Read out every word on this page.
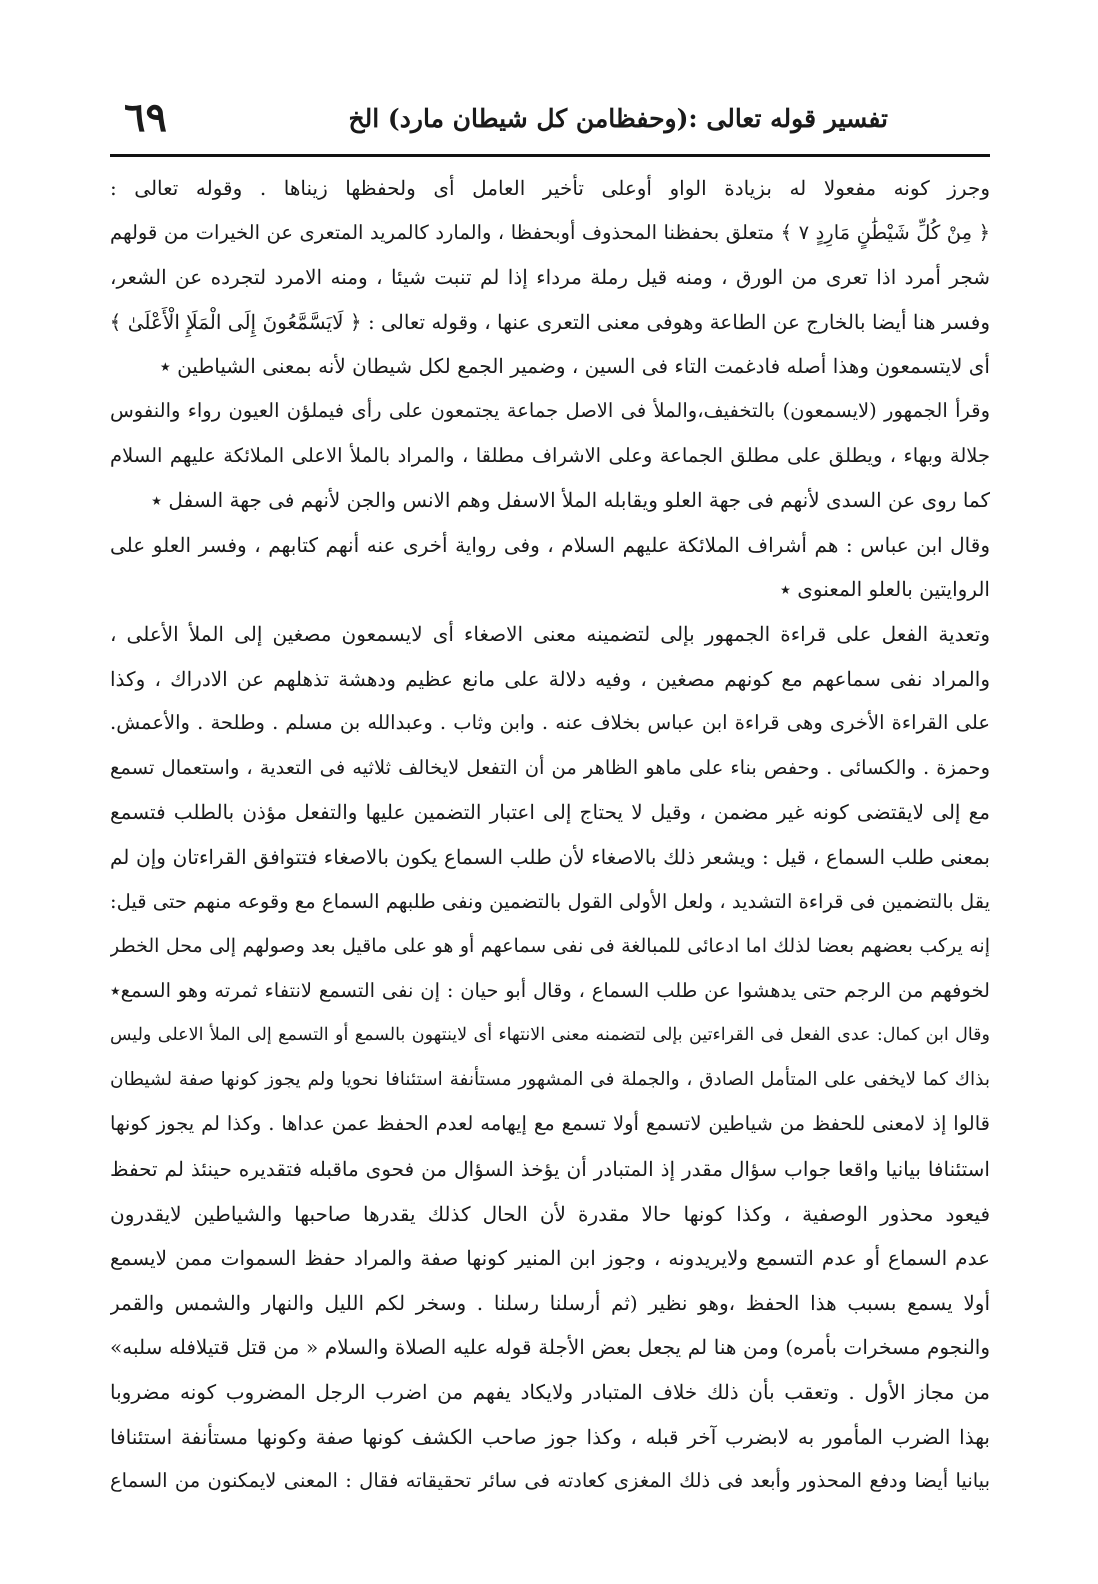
تفسير قوله تعالى :(وحفظامن كل شيطان مارد) الخ
٦٩
وجرز كونه مفعولا له بزيادة الواو أوعلى تأخير العامل أى ولحفظها زيناها . وقوله تعالى :
﴿ مِنْ كُلِّ شَيْطَٰنٍ مَارِدٍ ٧ ﴾ متعلق بحفظنا المحذوف أوبحفظا ، والمارد كالمريد المتعرى عن الخيرات من قولهم
شجر أمرد اذا تعرى من الورق ، ومنه قيل رملة مرداء إذا لم تنبت شيئا ، ومنه الامرد لتجرده عن الشعر،
وفسر هنا أيضا بالخارج عن الطاعة وهوفى معنى التعرى عنها ، وقوله تعالى : ﴿ لَايَسَّمَّعُونَ إِلَى الْمَلَإِ الْأَعْلَىٰ ﴾
أى لايتسمعون وهذا أصله فادغمت التاء فى السين ، وضمير الجمع لكل شيطان لأنه بمعنى الشياطين ٭
وقرأ الجمهور (لايسمعون) بالتخفيف،والملأ فى الاصل جماعة يجتمعون على رأى فيملؤن العيون رواء والنفوس
جلالة وبهاء ، ويطلق على مطلق الجماعة وعلى الاشراف مطلقا ، والمراد بالملأ الاعلى الملائكة عليهم السلام
كما روى عن السدى لأنهم فى جهة العلو ويقابله الملأ الاسفل وهم الانس والجن لأنهم فى جهة السفل ٭
وقال ابن عباس : هم أشراف الملائكة عليهم السلام ، وفى رواية أخرى عنه أنهم كتابهم ، وفسر العلو على
الروايتين بالعلو المعنوى ٭
وتعدية الفعل على قراءة الجمهور بإلى لتضمينه معنى الاصغاء أى لايسمعون مصغين إلى الملأ الأعلى ،
والمراد نفى سماعهم مع كونهم مصغين ، وفيه دلالة على مانع عظيم ودهشة تذهلهم عن الادراك ، وكذا
على القراءة الأخرى وهى قراءة ابن عباس بخلاف عنه . وابن وثاب . وعبدالله بن مسلم . وطلحة . والأعمش.
وحمزة . والكسائى . وحفص بناء على ماهو الظاهر من أن التفعل لايخالف ثلاثيه فى التعدية ، واستعمال تسمع
مع إلى لايقتضى كونه غير مضمن ، وقيل لا يحتاج إلى اعتبار التضمين عليها والتفعل مؤذن بالطلب فتسمع
بمعنى طلب السماع ، قيل : ويشعر ذلك بالاصغاء لأن طلب السماع يكون بالاصغاء فتتوافق القراءتان وإن لم
يقل بالتضمين فى قراءة التشديد ، ولعل الأولى القول بالتضمين ونفى طلبهم السماع مع وقوعه منهم حتى قيل:
إنه يركب بعضهم بعضا لذلك اما ادعائى للمبالغة فى نفى سماعهم أو هو على ماقيل بعد وصولهم إلى محل الخطر
لخوفهم من الرجم حتى يدهشوا عن طلب السماع ، وقال أبو حيان : إن نفى التسمع لانتفاء ثمرته وهو السمع٭
وقال ابن كمال: عدى الفعل فى القراءتين بإلى لتضمنه معنى الانتهاء أى لاينتهون بالسمع أو التسمع إلى الملأ الاعلى وليس
بذاك كما لايخفى على المتأمل الصادق ، والجملة فى المشهور مستأنفة استئنافا نحويا ولم يجوز كونها صفة لشيطان
قالوا إذ لامعنى للحفظ من شياطين لاتسمع أولا تسمع مع إيهامه لعدم الحفظ عمن عداها . وكذا لم يجوز كونها
استئنافا بيانيا واقعا جواب سؤال مقدر إذ المتبادر أن يؤخذ السؤال من فحوى ماقبله فتقديره حينئذ لم تحفظ
فيعود محذور الوصفية ، وكذا كونها حالا مقدرة لأن الحال كذلك يقدرها صاحبها والشياطين لايقدرون
عدم السماع أو عدم التسمع ولايريدونه ، وجوز ابن المنير كونها صفة والمراد حفظ السموات ممن لايسمع
أولا يسمع بسبب هذا الحفظ ،وهو نظير (ثم أرسلنا رسلنا . وسخر لكم الليل والنهار والشمس والقمر
والنجوم مسخرات بأمره) ومن هنا لم يجعل بعض الأجلة قوله عليه الصلاة والسلام « من قتل قتيلافله سلبه»
من مجاز الأول . وتعقب بأن ذلك خلاف المتبادر ولايكاد يفهم من اضرب الرجل المضروب كونه مضروبا
بهذا الضرب المأمور به لابضرب آخر قبله ، وكذا جوز صاحب الكشف كونها صفة وكونها مستأنفة استئنافا
بيانيا أيضا ودفع المحذور وأبعد فى ذلك المغزى كعادته فى سائر تحقيقاته فقال : المعنى لايمكنون من السماع
